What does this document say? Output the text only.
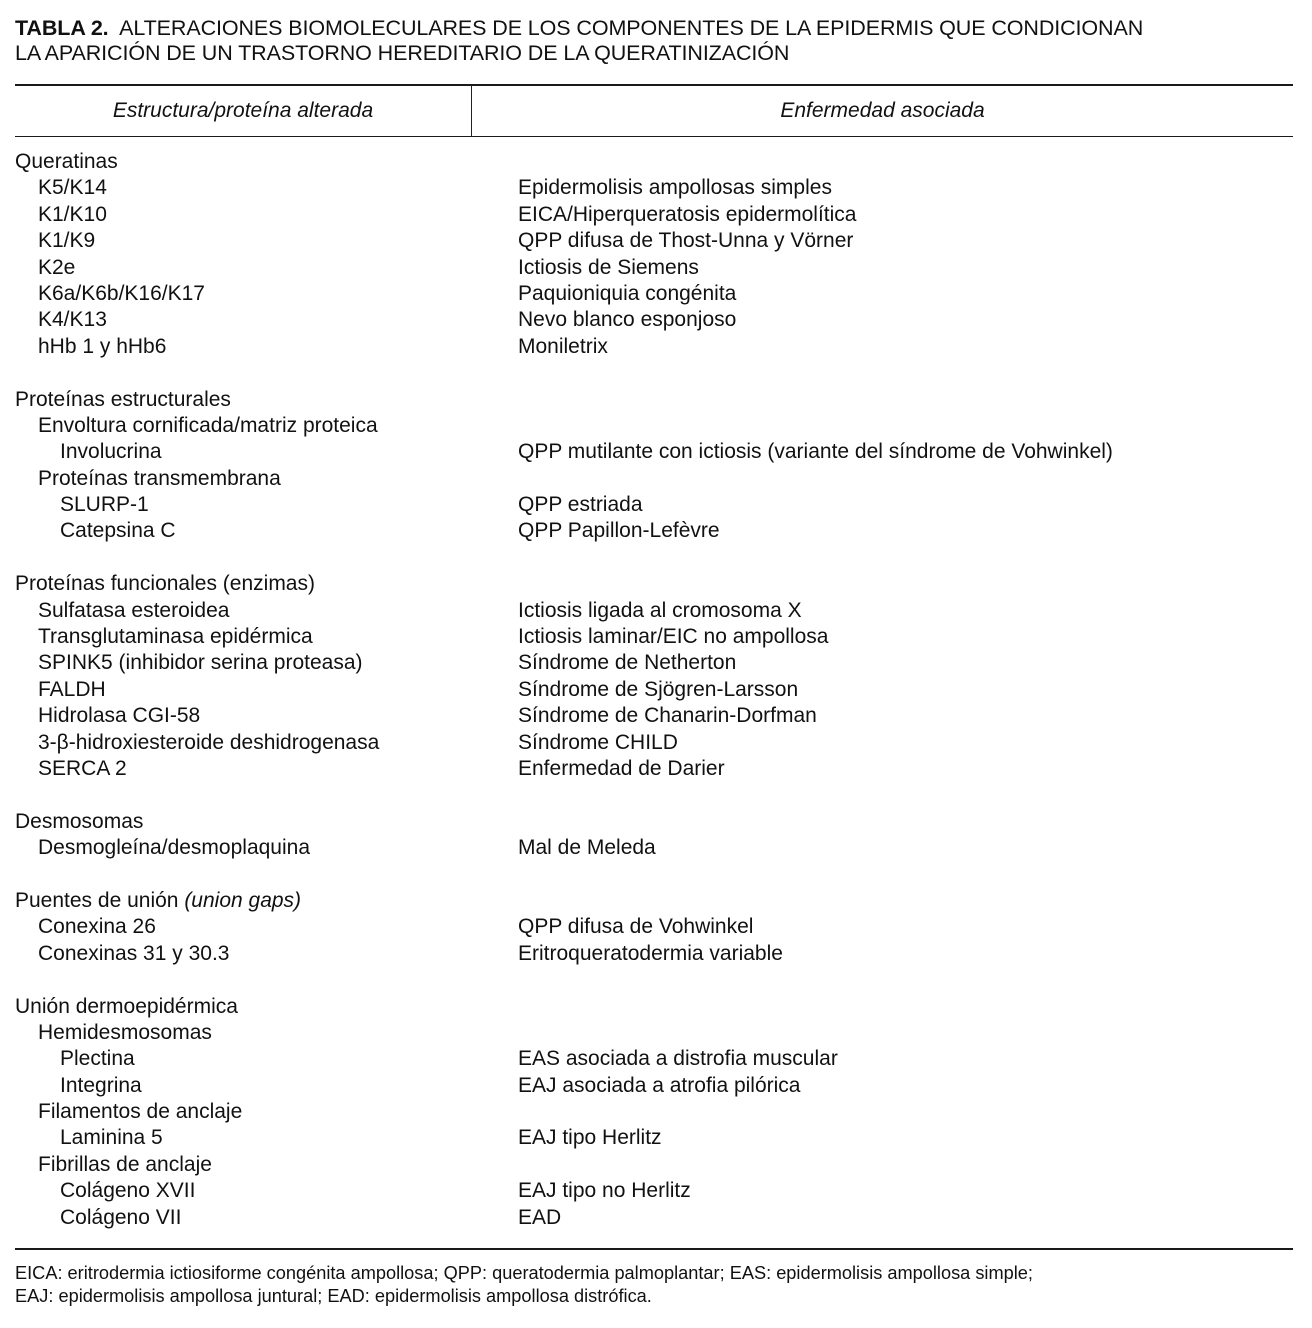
TABLA 2. ALTERACIONES BIOMOLECULARES DE LOS COMPONENTES DE LA EPIDERMIS QUE CONDICIONAN
LA APARICIÓN DE UN TRASTORNO HEREDITARIO DE LA QUERATINIZACIÓN
Estructura/proteína alterada	Enfermedad asociada
Queratinas
K5/K14	Epidermolisis ampollosas simples
K1/K10	EICA/Hiperqueratosis epidermolítica
K1/K9	QPP difusa de Thost-Unna y Vörner
K2e	Ictiosis de Siemens
K6a/K6b/K16/K17	Paquioniquia congénita
K4/K13	Nevo blanco esponjoso
hHb 1 y hHb6	Moniletrix
Proteínas estructurales
Envoltura cornificada/matriz proteica
Involucrina	QPP mutilante con ictiosis (variante del síndrome de Vohwinkel)
Proteínas transmembrana
SLURP-1	QPP estriada
Catepsina C	QPP Papillon-Lefèvre
Proteínas funcionales (enzimas)
Sulfatasa esteroidea	Ictiosis ligada al cromosoma X
Transglutaminasa epidérmica	Ictiosis laminar/EIC no ampollosa
SPINK5 (inhibidor serina proteasa)	Síndrome de Netherton
FALDH	Síndrome de Sjögren-Larsson
Hidrolasa CGI-58	Síndrome de Chanarin-Dorfman
3-β-hidroxiesteroide deshidrogenasa	Síndrome CHILD
SERCA 2	Enfermedad de Darier
Desmosomas
Desmogleína/desmoplaquina	Mal de Meleda
Puentes de unión (union gaps)
Conexina 26	QPP difusa de Vohwinkel
Conexinas 31 y 30.3	Eritroqueratodermia variable
Unión dermoepidérmica
Hemidesmosomas
Plectina	EAS asociada a distrofia muscular
Integrina	EAJ asociada a atrofia pilórica
Filamentos de anclaje
Laminina 5	EAJ tipo Herlitz
Fibrillas de anclaje
Colágeno XVII	EAJ tipo no Herlitz
Colágeno VII	EAD
EICA: eritrodermia ictiosiforme congénita ampollosa; QPP: queratodermia palmoplantar; EAS: epidermolisis ampollosa simple;
EAJ: epidermolisis ampollosa juntural; EAD: epidermolisis ampollosa distrófica.
